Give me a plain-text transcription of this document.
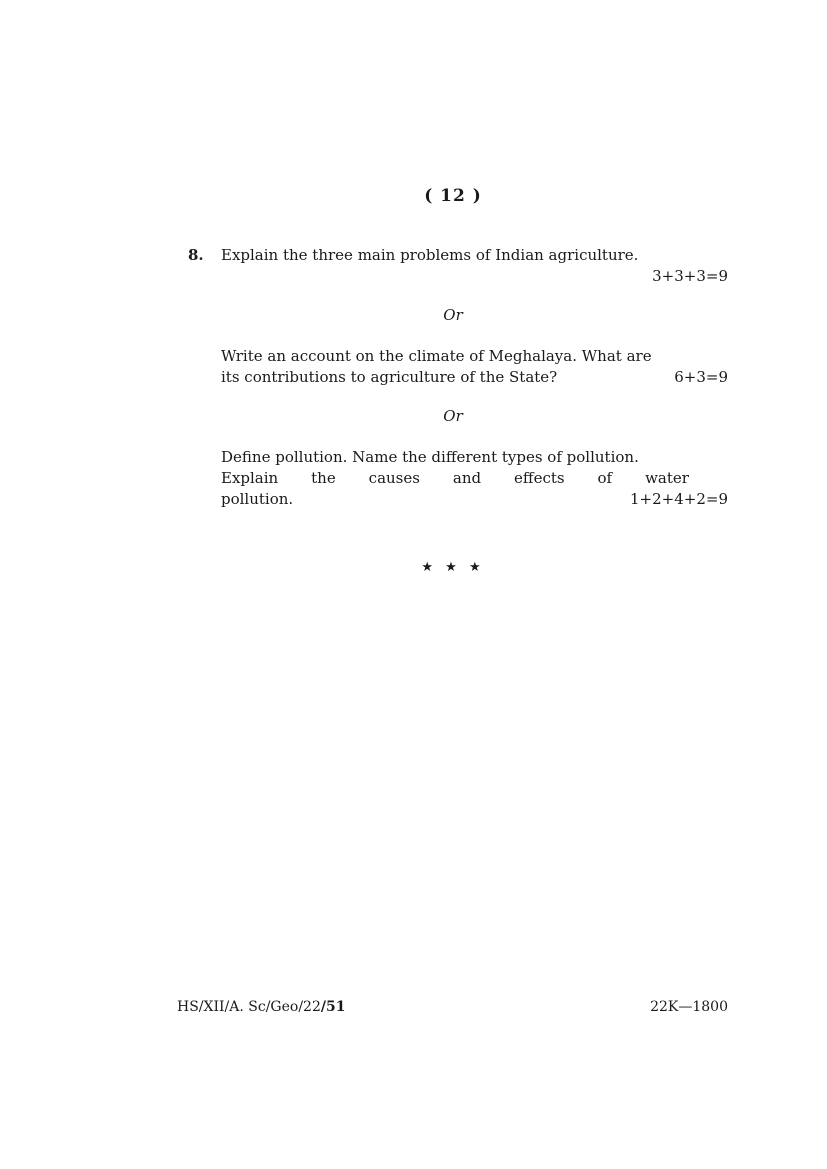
( 12 )
8. Explain the three main problems of Indian agriculture.
3+3+3=9
Or
Write an account on the climate of Meghalaya. What are
its contributions to agriculture of the State?	6+3=9
Or
Define pollution. Name the different types of pollution.
Explain the causes and effects of water
pollution.	1+2+4+2=9
★ ★ ★
HS/XII/A. Sc/Geo/22/51	22K—1800
